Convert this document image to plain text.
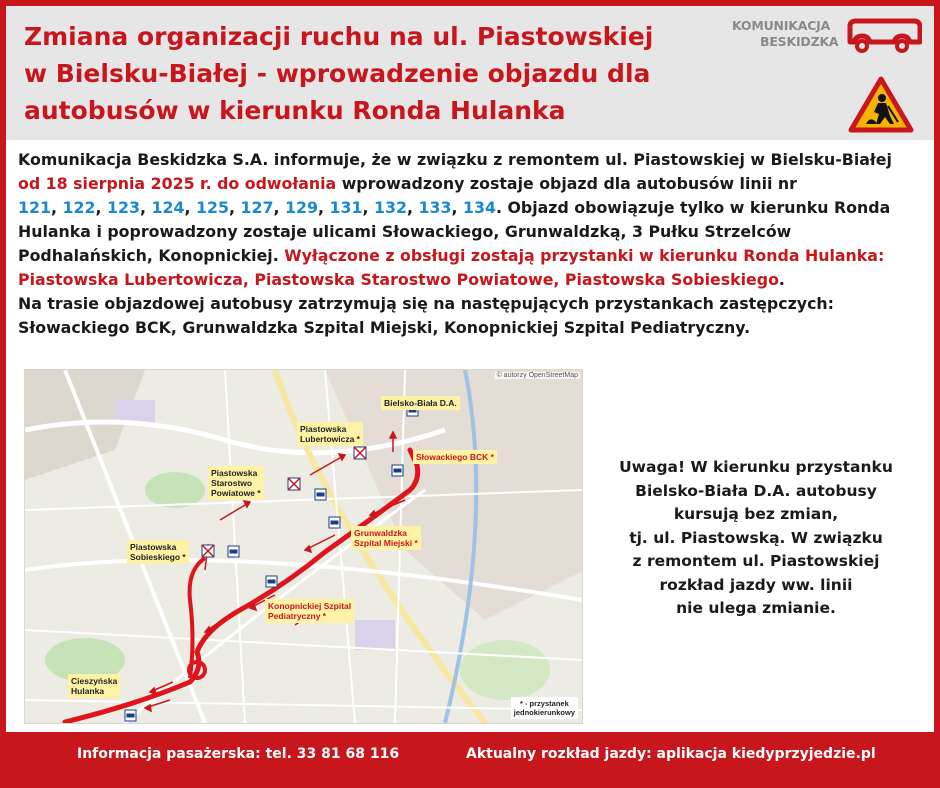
Zmiana organizacji ruchu na ul. Piastowskiej
w Bielsku-Białej - wprowadzenie objazdu dla
autobusów w kierunku Ronda Hulanka
KOMUNIKACJA
BESKIDZKA
Komunikacja Beskidzka S.A. informuje, że w związku z remontem ul. Piastowskiej w Bielsku-Białej
od 18 sierpnia 2025 r. do odwołania wprowadzony zostaje objazd dla autobusów linii nr
121, 122, 123, 124, 125, 127, 129, 131, 132, 133, 134. Objazd obowiązuje tylko w kierunku Ronda
Hulanka i poprowadzony zostaje ulicami Słowackiego, Grunwaldzką, 3 Pułku Strzelców
Podhalańskich, Konopnickiej. Wyłączone z obsługi zostają przystanki w kierunku Ronda Hulanka:
Piastowska Lubertowicza, Piastowska Starostwo Powiatowe, Piastowska Sobieskiego.
Na trasie objazdowej autobusy zatrzymują się na następujących przystankach zastępczych:
Słowackiego BCK, Grunwaldzka Szpital Miejski, Konopnickiej Szpital Pediatryczny.
© autorzy OpenStreetMap
Bielsko-Biała D.A.
Piastowska
Lubertowicza *
Piastowska
Starostwo
Powiatowe *
Piastowska
Sobieskiego *
Słowackiego BCK *
Grunwaldzka
Szpital Miejski *
Konopnickiej Szpital
Pediatryczny *
Cieszyńska
Hulanka
* - przystanek
jednokierunkowy
Uwaga! W kierunku przystanku
Bielsko-Biała D.A. autobusy
kursują bez zmian,
tj. ul. Piastowską. W związku
z remontem ul. Piastowskiej
rozkład jazdy ww. linii
nie ulega zmianie.
Informacja pasażerska: tel. 33 81 68 116	Aktualny rozkład jazdy: aplikacja kiedyprzyjedzie.pl
